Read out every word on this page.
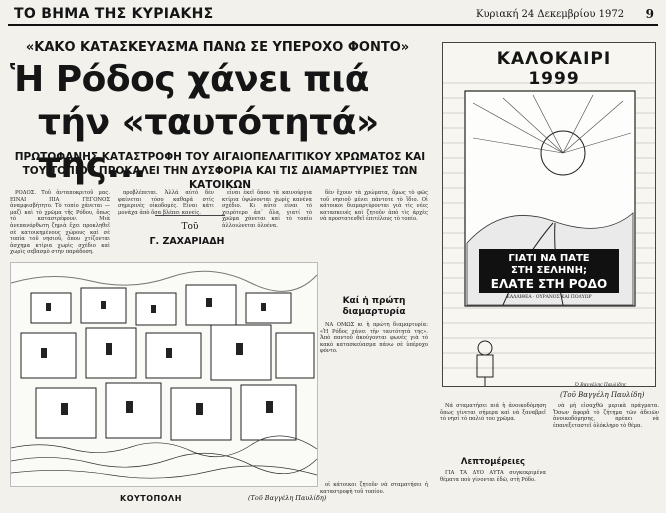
ΤΟ ΒΗΜΑ ΤΗΣ ΚΥΡΙΑΚΗΣ	Κυριακή 24 Δεκεμβρίου 1972 9
«ΚΑΚΟ ΚΑΤΑΣΚΕΥΑΣΜΑ ΠΑΝΩ ΣΕ ΥΠΕΡΟΧΟ ΦΟΝΤΟ»
Ἡ Ρόδος χάνει πιά
τήν «ταυτότητά» της...
ΠΡΩΤΟΦΑΝΗΣ ΚΑΤΑΣΤΡΟΦΗ ΤΟΥ ΑΙΓΑΙΟΠΕΛΑΓΙΤΙΚΟΥ ΧΡΩΜΑΤΟΣ ΚΑΙ ΤΟΥ ΤΟΠΙΟΥ ΠΡΟΚΑΛΕΙ ΤΗΝ ΔΥΣΦΟΡΙΑ ΚΑΙ ΤΙΣ ΔΙΑΜΑΡΤΥΡΙΕΣ ΤΩΝ ΚΑΤΟΙΚΩΝ

ΡΟΔΟΣ. Τοῦ ἀνταποκριτοῦ μας. ΕΙΝΑΙ ΠΙΑ ΓΕΓΟΝΟΣ ἀναμφισβήτητο. Τὸ τοπίο χάνεται — μαζὶ καὶ τὸ χρῶμα τῆς Ρόδου, ὅπως τὸ καταστρέφουν. Μιὰ ἀνεπανόρθωτη ζημιὰ ἔχει προκληθεῖ σὲ κατοικημένους χώρους καὶ σὲ τοπία τοῦ νησιοῦ, ὅπου χτίζονται ἀσχημα κτίρια χωρὶς σχέδιο καὶ χωρὶς σεβασμὸ στὴν παράδοση.

προβλέπεται. Ἀλλά αὐτὸ δέν φαίνεται τόσο καθαρά στίς σημερινές οἰκοδομές. Εἶναι κάτι μονάχα ἀπὸ ὅσα βλέπει κανείς.

εἶναι ἐκεῖ ὅπου τὰ καινούργια κτίρια ὑψώνονται χωρὶς κανένα σχέδιο. Κι αὐτό εἶναι τὸ χειρότερο ἀπ᾽ ὅλα, γιατί τὸ χρῶμα χάνεται καὶ τὸ τοπίο ἀλλοιώνεται ὁλοένα.

δὲν ἔχουν τὰ χρώματα, ὅμως τὸ φῶς τοῦ νησιοῦ μένει πάντοτε τὸ ἴδιο. Οἱ κάτοικοι διαμαρτύρονται γιὰ τὶς νέες κατασκευές καὶ ζητοῦν ἀπὸ τὶς ἀρχὲς νὰ προστατευθεῖ ἐπιτέλους τὸ τοπίο.

Τοῦ
Γ. ΖΑΧΑΡΙΑΔΗ
Καί ἡ πρώτη διαμαρτυρία

ΝΑ ΟΜΩΣ κι ἡ πρώτη διαμαρτυρία: «Ἡ Ρόδος χάνει τὴν ταυτότητά της». Ἀπὸ παντοῦ ἀκούγονται φωνὲς γιὰ τὸ κακὸ κατασκεύασμα πάνω σὲ ὑπέροχο φόντο.

ΚΟΥΤΟΠΟΛΗ	(Τοῦ Βαγγέλη Παυλίδη)
ΚΑΛΟΚΑΙΡΙ 1999
ΓΙΑΤΙ ΝΑ ΠΑΤΕ
ΣΤΗ ΣΕΛΗΝΗ;
ΕΛΑΤΕ ΣΤΗ ΡΟΔΟ
ΚΑΛΛΙΘΕΑ · ΟΥΡΑΝΟΣ ΚΑΙ ΠΟΛΥΩΡ
Ὁ Βαγγέλης Παυλίδης
(Τοῦ Βαγγέλη Παυλίδη)

Νά σταματήσει πιά ἡ ἀνοικοδόμηση ὅπως γίνεται σήμερα καὶ νὰ ξαναβρεῖ τὸ νησί τὸ παλιό του χρῶμα.

Λεπτομέρειες

ΓΙΑ ΤΑ ΔΥΟ ΑΥΤΑ συγκεκριμένα θέματα ποὺ γίνονται ἐδῶ, στὴ Ρόδο.

νὰ μὴ εἰσαχθῶ μερικὰ πράγματα. Ὅσων ἀφορᾶ τὸ ζήτημα τῶν ἀδειῶν ἀνοικοδόμησης, πρέπει νὰ ἐπανεξεταστεῖ ὁλόκληρο τὸ θέμα.

οἱ κάτοικοι ζητοῦν νὰ σταματήσει ἡ καταστροφὴ τοῦ τοπίου.
